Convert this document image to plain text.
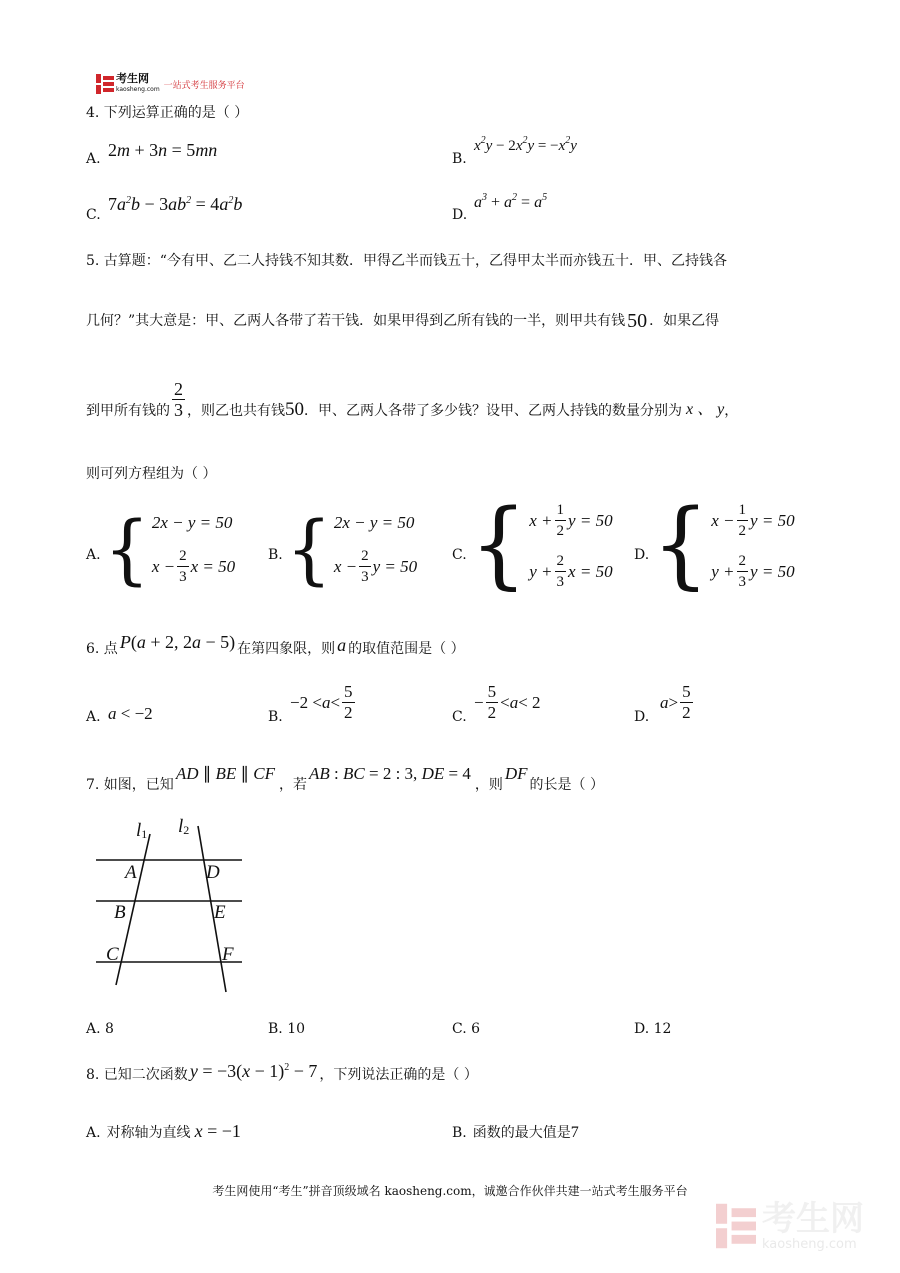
考生网
kaosheng.com 一站式考生服务平台
4. 下列运算正确的是（ ）
A. 2m + 3n = 5mn	B.
$x^2y - 2x^2y = -x^2y$
C.
$7a^2b - 3ab^2 = 4a^2b$
D.
$a^3 + a^2 = a^5$
5. 古算题：“今有甲、乙二人持钱不知其数．甲得乙半而钱五十，乙得甲太半而亦钱五十．甲、乙持钱各
几何？”其大意是：甲、乙两人各带了若干钱．如果甲得到乙所有钱的一半，则甲共有钱 50 ．如果乙得
到甲所有钱的 $\frac{2}{3}$ ，则乙也共有钱 50 ．甲、乙两人各带了多少钱？设甲、乙两人持钱的数量分别为 x 、 y ，
则可列方程组为（ ）
A. { 2x − y = 50
$x - \frac{2}{3}$ x = 50
B. { 2x − y = 50
$x - \frac{2}{3}$ y = 50
C. { $x + \frac{1}{2}$ y = 50
$y + \frac{2}{3}$ x = 50
D. { $x - \frac{1}{2}$ y = 50
$y + \frac{2}{3}$ y = 50
6. 点 P(a + 2, 2a − 5) 在第四象限，则 a 的取值范围是（ ）
A. a < −2	B.
$-2 < a < \frac{5}{2}$	C.
− $\frac{5}{2} < a < 2$
D.
$a > \frac{5}{2}$
7. 如图，已知
AD ∥ BE ∥ CF
，若
AB : BC = 2 : 3, DE = 4
，则
DF
的长是（ ）
l1 l2
A	D
B	E
C	F
A. 8	B. 10	C. 6	D. 12
8. 已知二次函数 $y = -3(x - 1)^2 - 7$ ，下列说法正确的是（ ）
A. 对称轴为直线 x = −1	B. 函数的最大值是 7
考生网使用“考生”拼音顶级域名 kaosheng.com，诚邀合作伙伴共建一站式考生服务平台
考生网
kaosheng.com
